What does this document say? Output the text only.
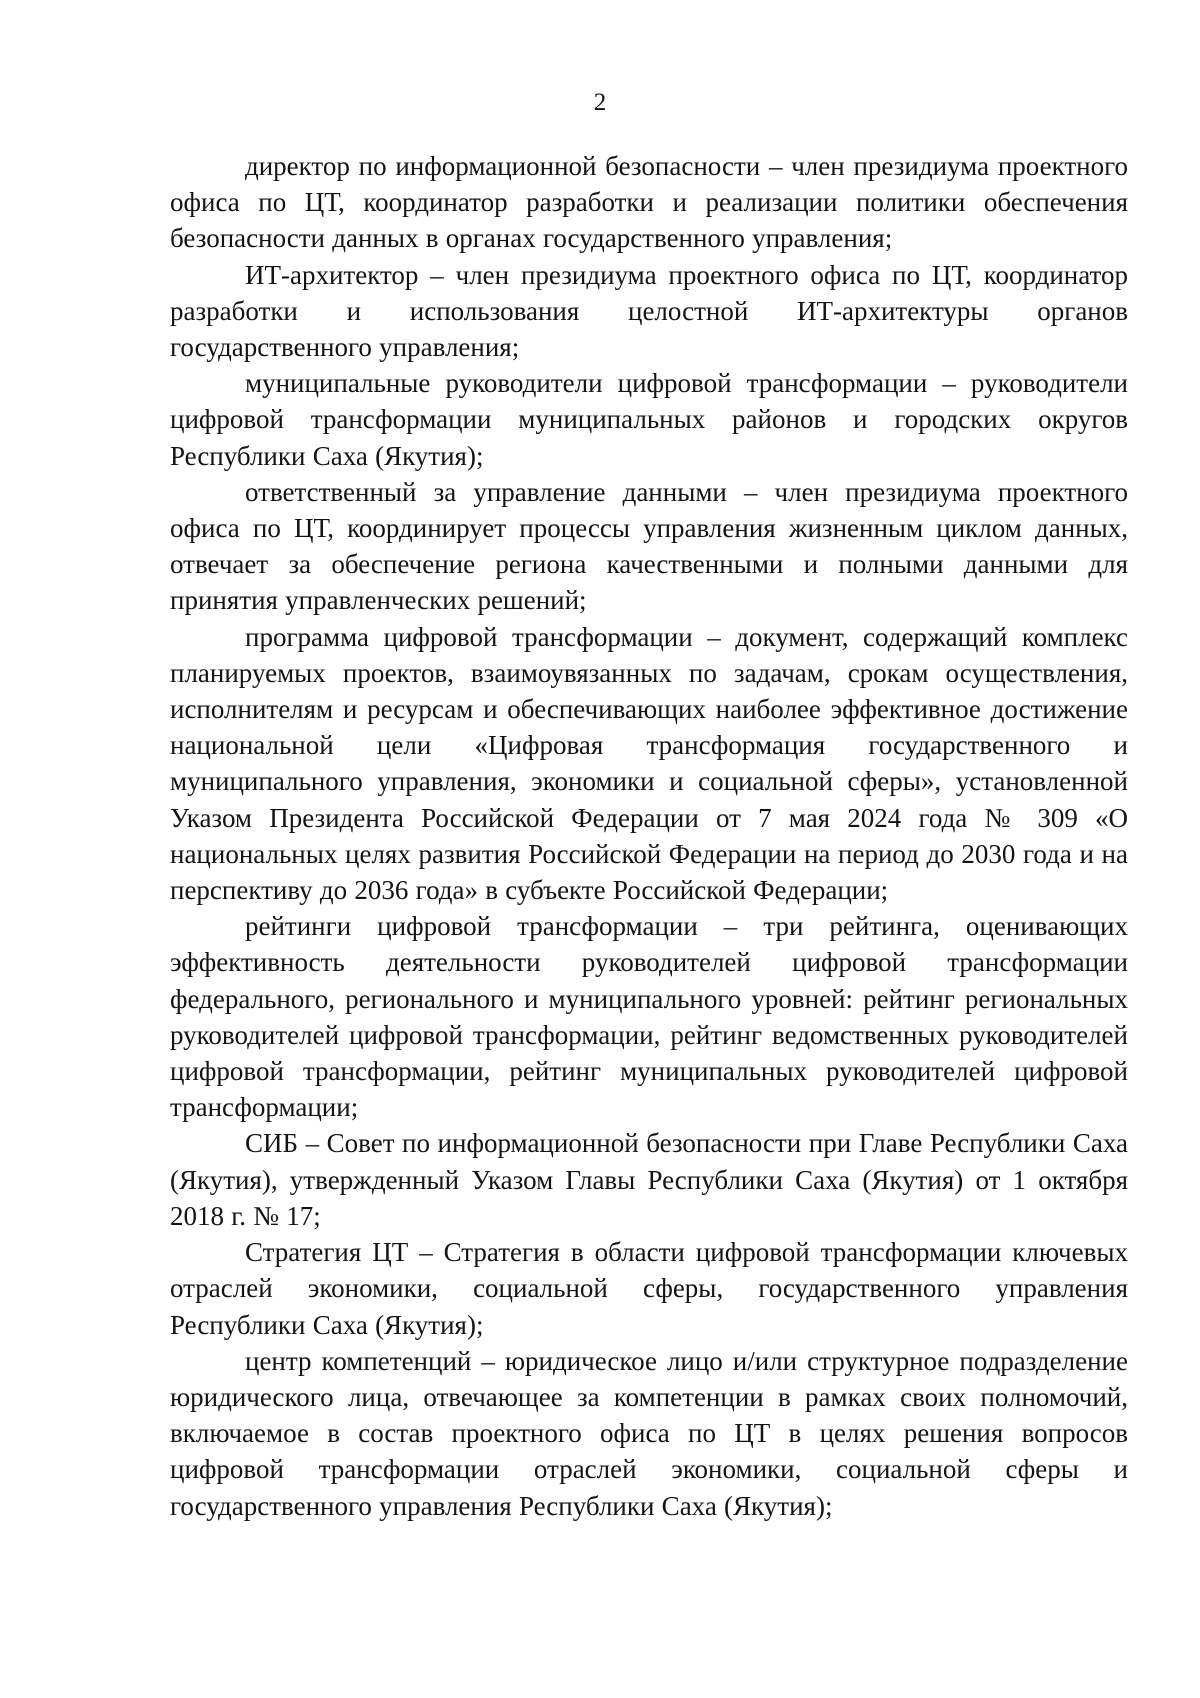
2

директор по информационной безопасности – член президиума проектного офиса по ЦТ, координатор разработки и реализации политики обеспечения безопасности данных в органах государственного управления;

ИТ-архитектор – член президиума проектного офиса по ЦТ, координатор разработки и использования целостной ИТ-архитектуры органов государственного управления;

муниципальные руководители цифровой трансформации – руководители цифровой трансформации муниципальных районов и городских округов Республики Саха (Якутия);

ответственный за управление данными – член президиума проектного офиса по ЦТ, координирует процессы управления жизненным циклом данных, отвечает за обеспечение региона качественными и полными данными для принятия управленческих решений;

программа цифровой трансформации – документ, содержащий комплекс планируемых проектов, взаимоувязанных по задачам, срокам осуществления, исполнителям и ресурсам и обеспечивающих наиболее эффективное достижение национальной цели «Цифровая трансформация государственного и муниципального управления, экономики и социальной сферы», установленной Указом Президента Российской Федерации от 7 мая 2024 года № 309 «О национальных целях развития Российской Федерации на период до 2030 года и на перспективу до 2036 года» в субъекте Российской Федерации;

рейтинги цифровой трансформации – три рейтинга, оценивающих эффективность деятельности руководителей цифровой трансформации федерального, регионального и муниципального уровней: рейтинг региональных руководителей цифровой трансформации, рейтинг ведомственных руководителей цифровой трансформации, рейтинг муниципальных руководителей цифровой трансформации;

СИБ – Совет по информационной безопасности при Главе Республики Саха (Якутия), утвержденный Указом Главы Республики Саха (Якутия) от 1 октября 2018 г. № 17;

Стратегия ЦТ – Стратегия в области цифровой трансформации ключевых отраслей экономики, социальной сферы, государственного управления Республики Саха (Якутия);

центр компетенций – юридическое лицо и/или структурное подразделение юридического лица, отвечающее за компетенции в рамках своих полномочий, включаемое в состав проектного офиса по ЦТ в целях решения вопросов цифровой трансформации отраслей экономики, социальной сферы и государственного управления Республики Саха (Якутия);
